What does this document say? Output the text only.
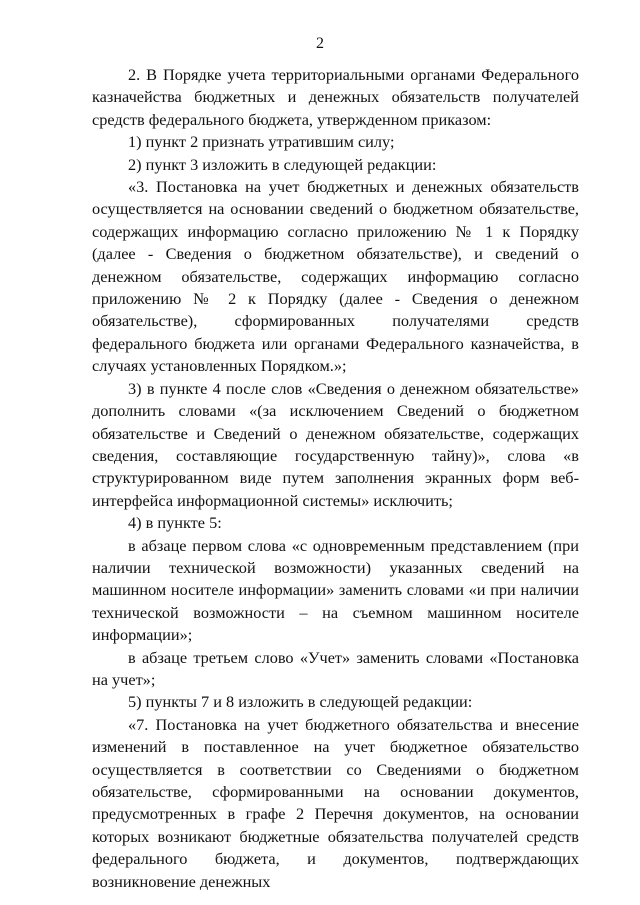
2

2. В Порядке учета территориальными органами Федерального казначейства бюджетных и денежных обязательств получателей средств федерального бюджета, утвержденном приказом:

1) пункт 2 признать утратившим силу;

2) пункт 3 изложить в следующей редакции:

«3. Постановка на учет бюджетных и денежных обязательств осуществляется на основании сведений о бюджетном обязательстве, содержащих информацию согласно приложению № 1 к Порядку (далее - Сведения о бюджетном обязательстве), и сведений о денежном обязательстве, содержащих информацию согласно приложению № 2 к Порядку (далее - Сведения о денежном обязательстве), сформированных получателями средств федерального бюджета или органами Федерального казначейства, в случаях установленных Порядком.»;

3) в пункте 4 после слов «Сведения о денежном обязательстве» дополнить словами «(за исключением Сведений о бюджетном обязательстве и Сведений о денежном обязательстве, содержащих сведения, составляющие государственную тайну)», слова «в структурированном виде путем заполнения экранных форм веб-интерфейса информационной системы» исключить;

4) в пункте 5:

в абзаце первом слова «с одновременным представлением (при наличии технической возможности) указанных сведений на машинном носителе информации» заменить словами «и при наличии технической возможности – на съемном машинном носителе информации»;

в абзаце третьем слово «Учет» заменить словами «Постановка на учет»;

5) пункты 7 и 8 изложить в следующей редакции:

«7. Постановка на учет бюджетного обязательства и внесение изменений в поставленное на учет бюджетное обязательство осуществляется в соответствии со Сведениями о бюджетном обязательстве, сформированными на основании документов, предусмотренных в графе 2 Перечня документов, на основании которых возникают бюджетные обязательства получателей средств федерального бюджета, и документов, подтверждающих возникновение денежных
